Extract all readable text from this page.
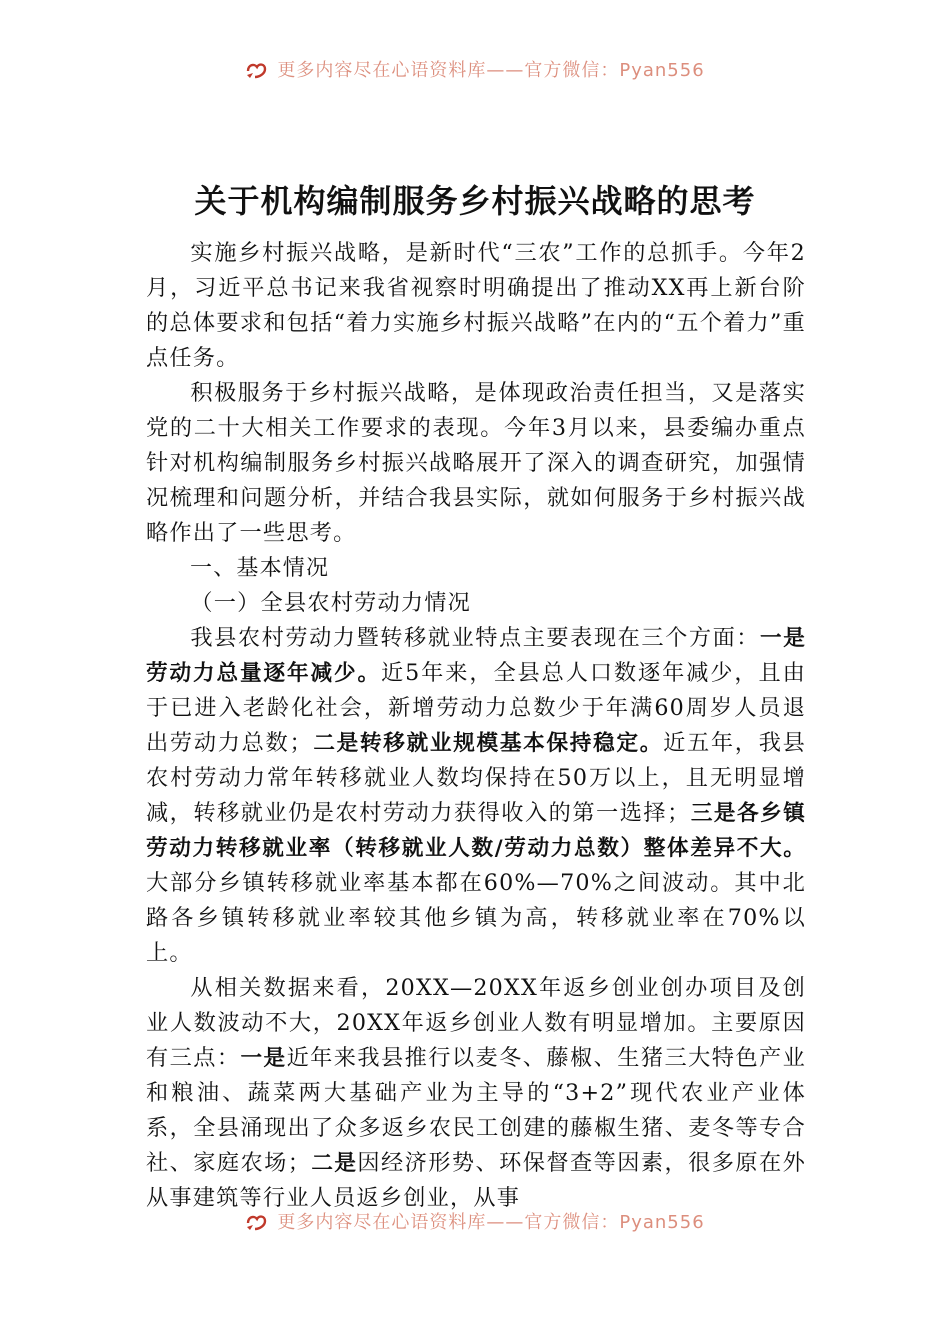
更多内容尽在心语资料库——官方微信：Pyan556
关于机构编制服务乡村振兴战略的思考

实施乡村振兴战略，是新时代“三农”工作的总抓手。今年2月，习近平总书记来我省视察时明确提出了推动XX再上新台阶的总体要求和包括“着力实施乡村振兴战略”在内的“五个着力”重点任务。

积极服务于乡村振兴战略，是体现政治责任担当，又是落实党的二十大相关工作要求的表现。今年3月以来，县委编办重点针对机构编制服务乡村振兴战略展开了深入的调查研究，加强情况梳理和问题分析，并结合我县实际，就如何服务于乡村振兴战略作出了一些思考。

一、基本情况

（一）全县农村劳动力情况

我县农村劳动力暨转移就业特点主要表现在三个方面：一是劳动力总量逐年减少。近5年来，全县总人口数逐年减少，且由于已进入老龄化社会，新增劳动力总数少于年满60周岁人员退出劳动力总数；二是转移就业规模基本保持稳定。近五年，我县农村劳动力常年转移就业人数均保持在50万以上，且无明显增减，转移就业仍是农村劳动力获得收入的第一选择；三是各乡镇劳动力转移就业率（转移就业人数/劳动力总数）整体差异不大。大部分乡镇转移就业率基本都在60%—70%之间波动。其中北路各乡镇转移就业率较其他乡镇为高，转移就业率在70%以上。

从相关数据来看，20XX—20XX年返乡创业创办项目及创业人数波动不大，20XX年返乡创业人数有明显增加。主要原因有三点：一是近年来我县推行以麦冬、藤椒、生猪三大特色产业和粮油、蔬菜两大基础产业为主导的“3+2”现代农业产业体系，全县涌现出了众多返乡农民工创建的藤椒生猪、麦冬等专合社、家庭农场；二是因经济形势、环保督查等因素，很多原在外从事建筑等行业人员返乡创业，从事

更多内容尽在心语资料库——官方微信：Pyan556
